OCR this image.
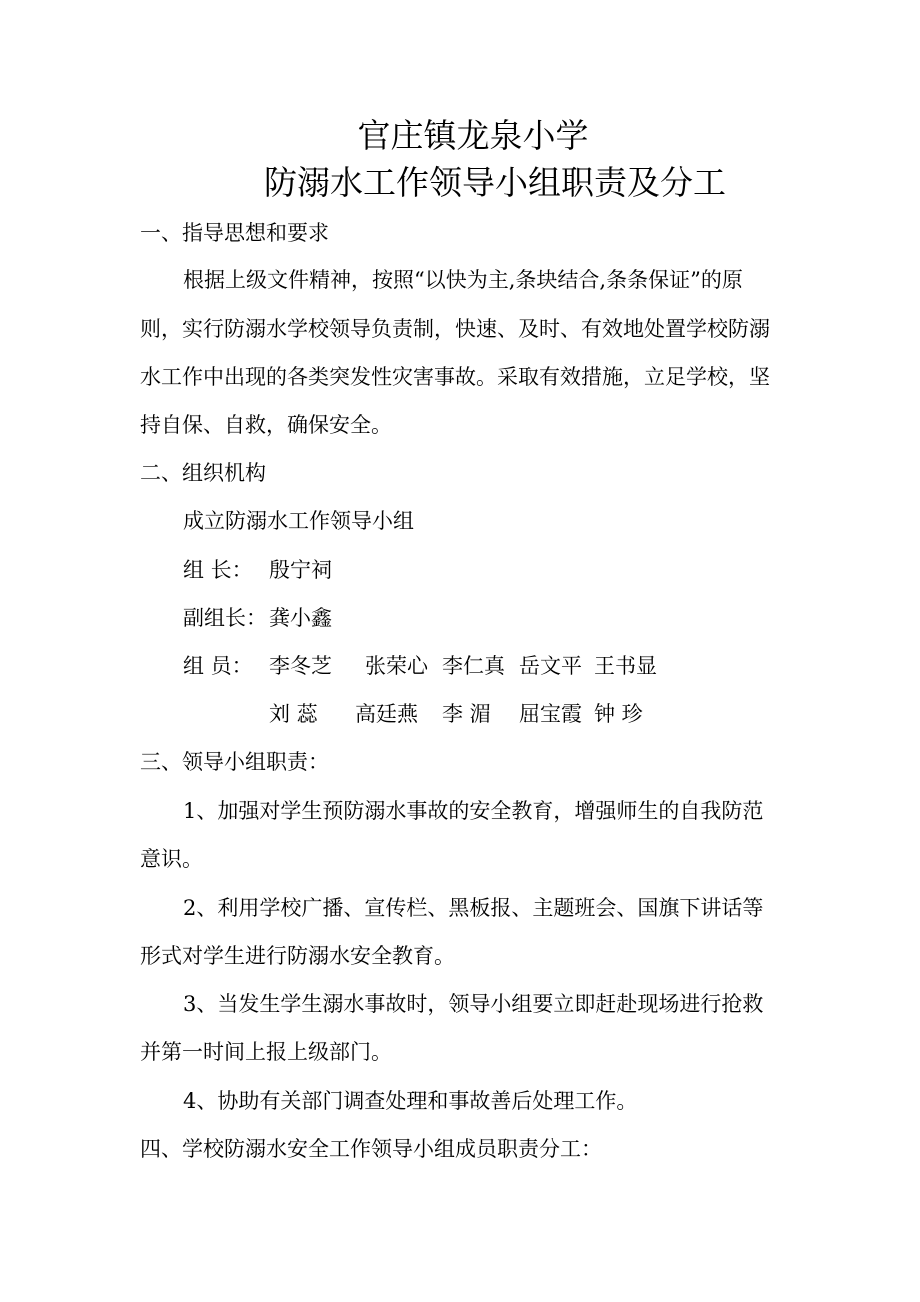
官庄镇龙泉小学
防溺水工作领导小组职责及分工
一、指导思想和要求
根据上级文件精神，按照“以快为主,条块结合,条条保证”的原
则，实行防溺水学校领导负责制，快速、及时、有效地处置学校防溺
水工作中出现的各类突发性灾害事故。采取有效措施，立足学校，坚
持自保、自救，确保安全。
二、组织机构
成立防溺水工作领导小组
组 长： 殷宁祠
副组长： 龚小鑫
组 员： 李冬芝 张荣心 李仁真 岳文平 王书显
刘 蕊 高廷燕 李 湄 屈宝霞 钟 珍
三、领导小组职责：
1、加强对学生预防溺水事故的安全教育，增强师生的自我防范
意识。
2、利用学校广播、宣传栏、黑板报、主题班会、国旗下讲话等
形式对学生进行防溺水安全教育。
3、当发生学生溺水事故时，领导小组要立即赶赴现场进行抢救
并第一时间上报上级部门。
4、协助有关部门调查处理和事故善后处理工作。
四、学校防溺水安全工作领导小组成员职责分工：
